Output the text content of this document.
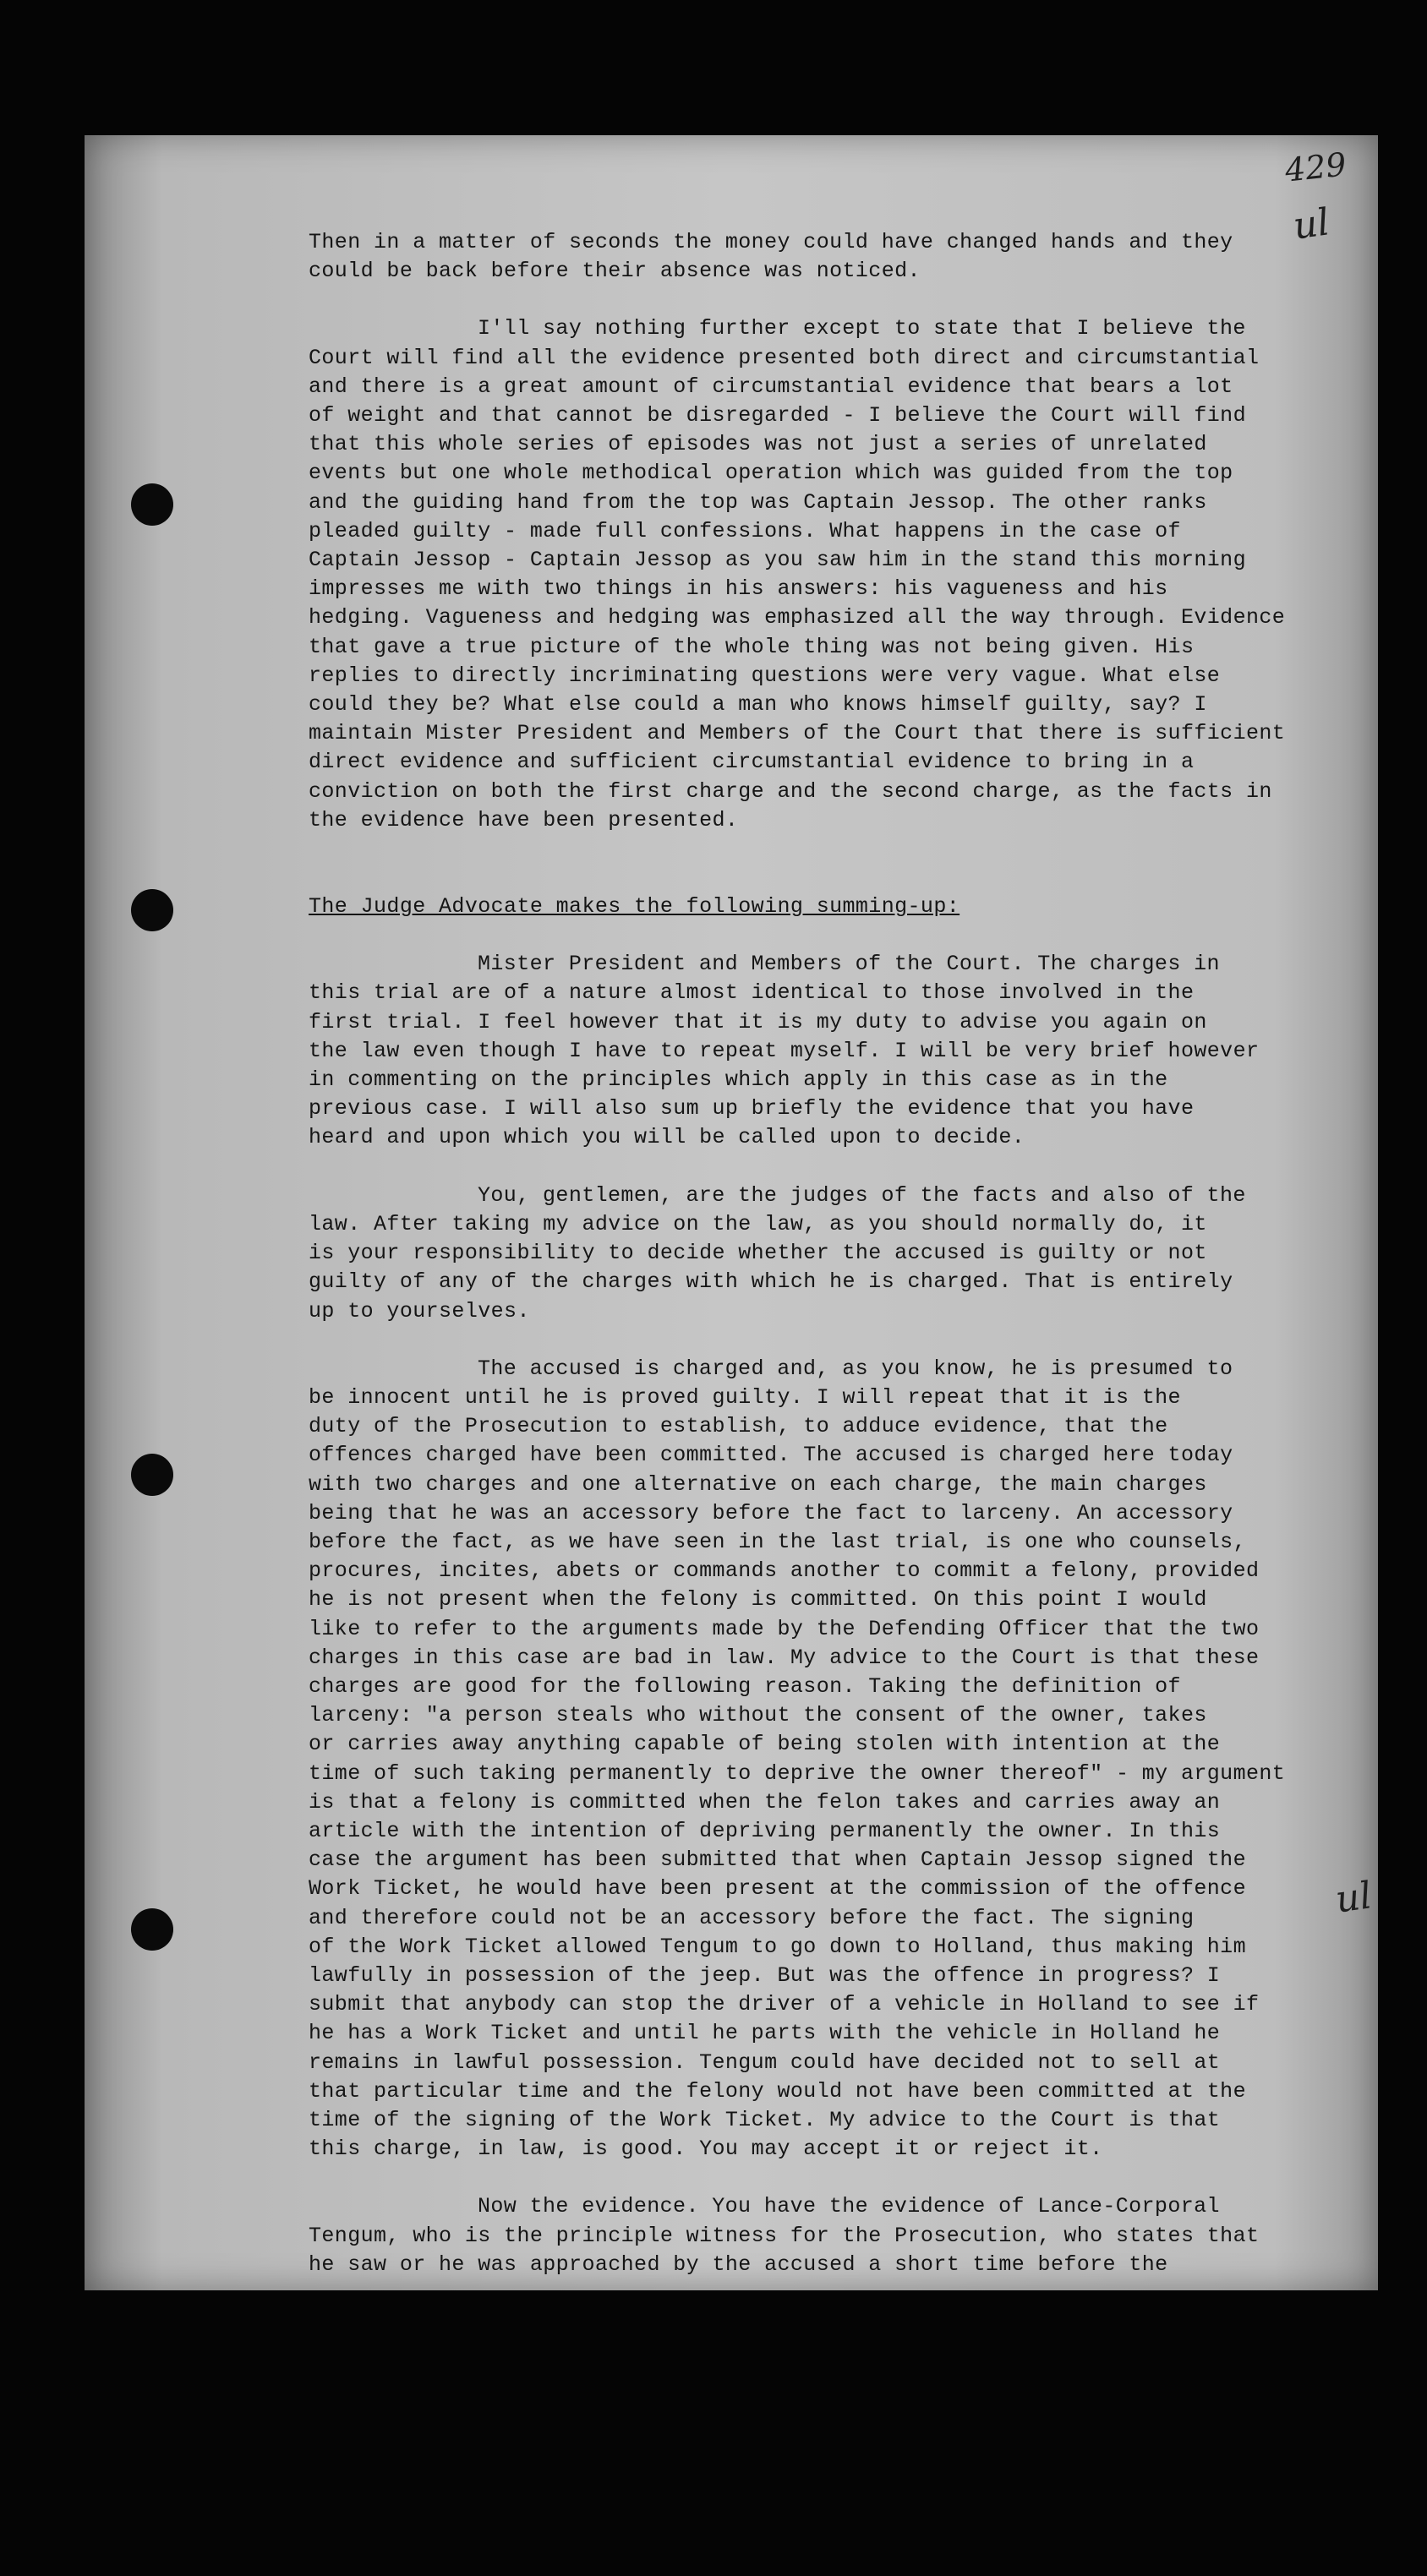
429
ul
ul

Then in a matter of seconds the money could have changed hands and they
could be back before their absence was noticed.

I'll say nothing further except to state that I believe the
Court will find all the evidence presented both direct and circumstantial
and there is a great amount of circumstantial evidence that bears a lot
of weight and that cannot be disregarded - I believe the Court will find
that this whole series of episodes was not just a series of unrelated
events but one whole methodical operation which was guided from the top
and the guiding hand from the top was Captain Jessop. The other ranks
pleaded guilty - made full confessions. What happens in the case of
Captain Jessop - Captain Jessop as you saw him in the stand this morning
impresses me with two things in his answers: his vagueness and his
hedging. Vagueness and hedging was emphasized all the way through. Evidence
that gave a true picture of the whole thing was not being given. His
replies to directly incriminating questions were very vague. What else
could they be? What else could a man who knows himself guilty, say? I
maintain Mister President and Members of the Court that there is sufficient
direct evidence and sufficient circumstantial evidence to bring in a
conviction on both the first charge and the second charge, as the facts in
the evidence have been presented.

The Judge Advocate makes the following summing-up:

Mister President and Members of the Court. The charges in
this trial are of a nature almost identical to those involved in the
first trial. I feel however that it is my duty to advise you again on
the law even though I have to repeat myself. I will be very brief however
in commenting on the principles which apply in this case as in the
previous case. I will also sum up briefly the evidence that you have
heard and upon which you will be called upon to decide.

You, gentlemen, are the judges of the facts and also of the
law. After taking my advice on the law, as you should normally do, it
is your responsibility to decide whether the accused is guilty or not
guilty of any of the charges with which he is charged. That is entirely
up to yourselves.

The accused is charged and, as you know, he is presumed to
be innocent until he is proved guilty. I will repeat that it is the
duty of the Prosecution to establish, to adduce evidence, that the
offences charged have been committed. The accused is charged here today
with two charges and one alternative on each charge, the main charges
being that he was an accessory before the fact to larceny. An accessory
before the fact, as we have seen in the last trial, is one who counsels,
procures, incites, abets or commands another to commit a felony, provided
he is not present when the felony is committed. On this point I would
like to refer to the arguments made by the Defending Officer that the two
charges in this case are bad in law. My advice to the Court is that these
charges are good for the following reason. Taking the definition of
larceny: "a person steals who without the consent of the owner, takes
or carries away anything capable of being stolen with intention at the
time of such taking permanently to deprive the owner thereof" - my argument
is that a felony is committed when the felon takes and carries away an
article with the intention of depriving permanently the owner. In this
case the argument has been submitted that when Captain Jessop signed the
Work Ticket, he would have been present at the commission of the offence
and therefore could not be an accessory before the fact. The signing
of the Work Ticket allowed Tengum to go down to Holland, thus making him
lawfully in possession of the jeep. But was the offence in progress? I
submit that anybody can stop the driver of a vehicle in Holland to see if
he has a Work Ticket and until he parts with the vehicle in Holland he
remains in lawful possession. Tengum could have decided not to sell at
that particular time and the felony would not have been committed at the
time of the signing of the Work Ticket. My advice to the Court is that
this charge, in law, is good. You may accept it or reject it.

Now the evidence. You have the evidence of Lance-Corporal
Tengum, who is the principle witness for the Prosecution, who states that
he saw or he was approached by the accused a short time before the
